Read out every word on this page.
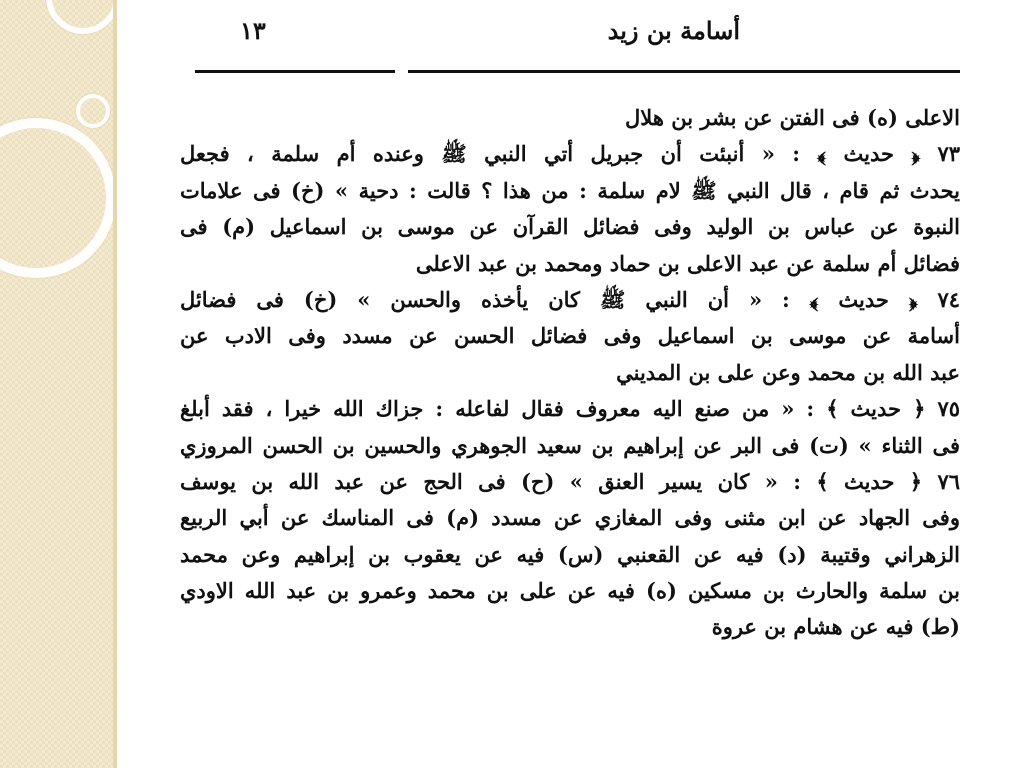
أسامة بن زيد
١٣
الاعلى (ه) فى الفتن عن بشر بن هلال
٧٣ ﴿ حديث ﴾ : « أنبئت أن جبريل أتي النبي ﷺ وعنده أم سلمة ، فجعل
يحدث ثم قام ، قال النبي ﷺ لام سلمة : من هذا ؟ قالت : دحية » (خ) فى علامات
النبوة عن عباس بن الوليد وفى فضائل القرآن عن موسى بن اسماعيل (م) فى
فضائل أم سلمة عن عبد الاعلى بن حماد ومحمد بن عبد الاعلى
٧٤ ﴿ حديث ﴾ : « أن النبي ﷺ كان يأخذه والحسن » (خ) فى فضائل
أسامة عن موسى بن اسماعيل وفى فضائل الحسن عن مسدد وفى الادب عن
عبد الله بن محمد وعن على بن المديني
٧٥ ﴿ حديث ﴾ : « من صنع اليه معروف فقال لفاعله : جزاك الله خيرا ، فقد أبلغ
فى الثناء » (ت) فى البر عن إبراهيم بن سعيد الجوهري والحسين بن الحسن المروزي
٧٦ ﴿ حديث ﴾ : « كان يسير العنق » (ح) فى الحج عن عبد الله بن يوسف
وفى الجهاد عن ابن مثنى وفى المغازي عن مسدد (م) فى المناسك عن أبي الربيع
الزهراني وقتيبة (د) فيه عن القعنبي (س) فيه عن يعقوب بن إبراهيم وعن محمد
بن سلمة والحارث بن مسكين (ه) فيه عن على بن محمد وعمرو بن عبد الله الاودي
(ط) فيه عن هشام بن عروة
